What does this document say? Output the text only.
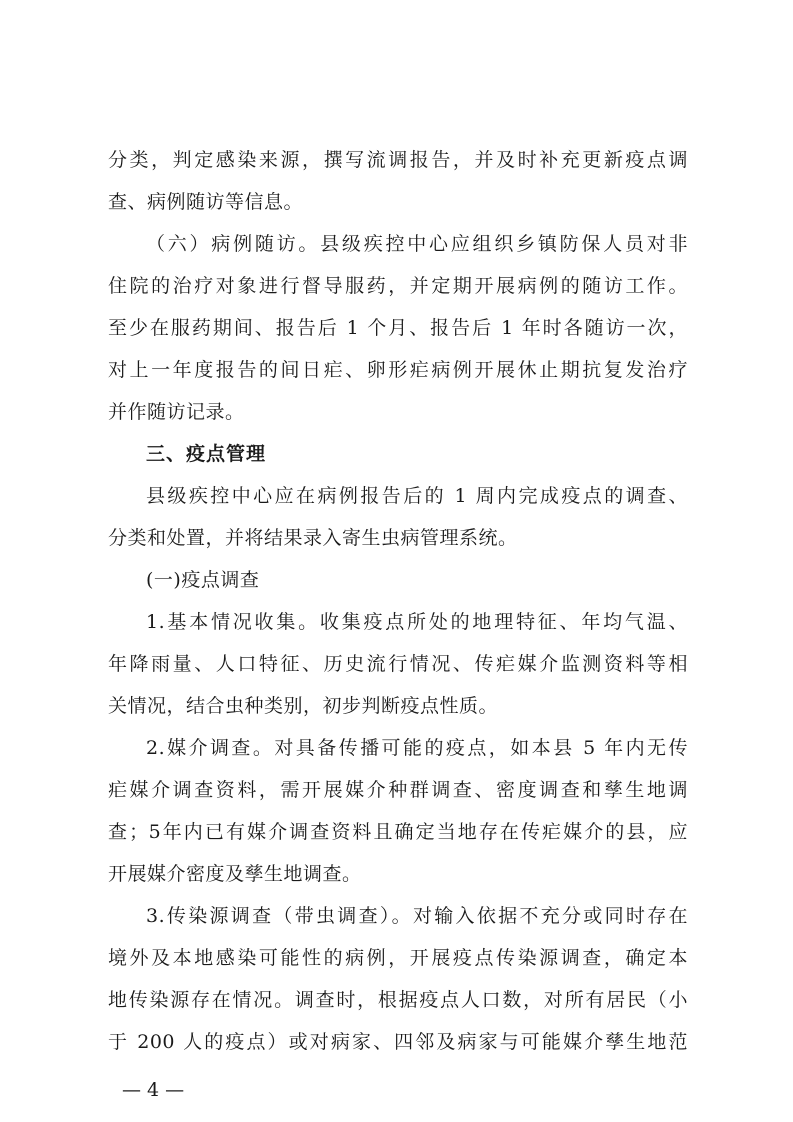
分类，判定感染来源，撰写流调报告，并及时补充更新疫点调
查、病例随访等信息。
（六）病例随访。县级疾控中心应组织乡镇防保人员对非
住院的治疗对象进行督导服药，并定期开展病例的随访工作。
至少在服药期间、报告后 1 个月、报告后 1 年时各随访一次，
对上一年度报告的间日疟、卵形疟病例开展休止期抗复发治疗
并作随访记录。
三、疫点管理
县级疾控中心应在病例报告后的 1 周内完成疫点的调查、
分类和处置，并将结果录入寄生虫病管理系统。
(一)疫点调查
1.基本情况收集。收集疫点所处的地理特征、年均气温、
年降雨量、人口特征、历史流行情况、传疟媒介监测资料等相
关情况，结合虫种类别，初步判断疫点性质。
2.媒介调查。对具备传播可能的疫点，如本县 5 年内无传
疟媒介调查资料，需开展媒介种群调查、密度调查和孳生地调
查；5年内已有媒介调查资料且确定当地存在传疟媒介的县，应
开展媒介密度及孳生地调查。
3.传染源调查（带虫调查）。对输入依据不充分或同时存在
境外及本地感染可能性的病例，开展疫点传染源调查，确定本
地传染源存在情况。调查时，根据疫点人口数，对所有居民（小
于 200 人的疫点）或对病家、四邻及病家与可能媒介孳生地范
— 4 —
